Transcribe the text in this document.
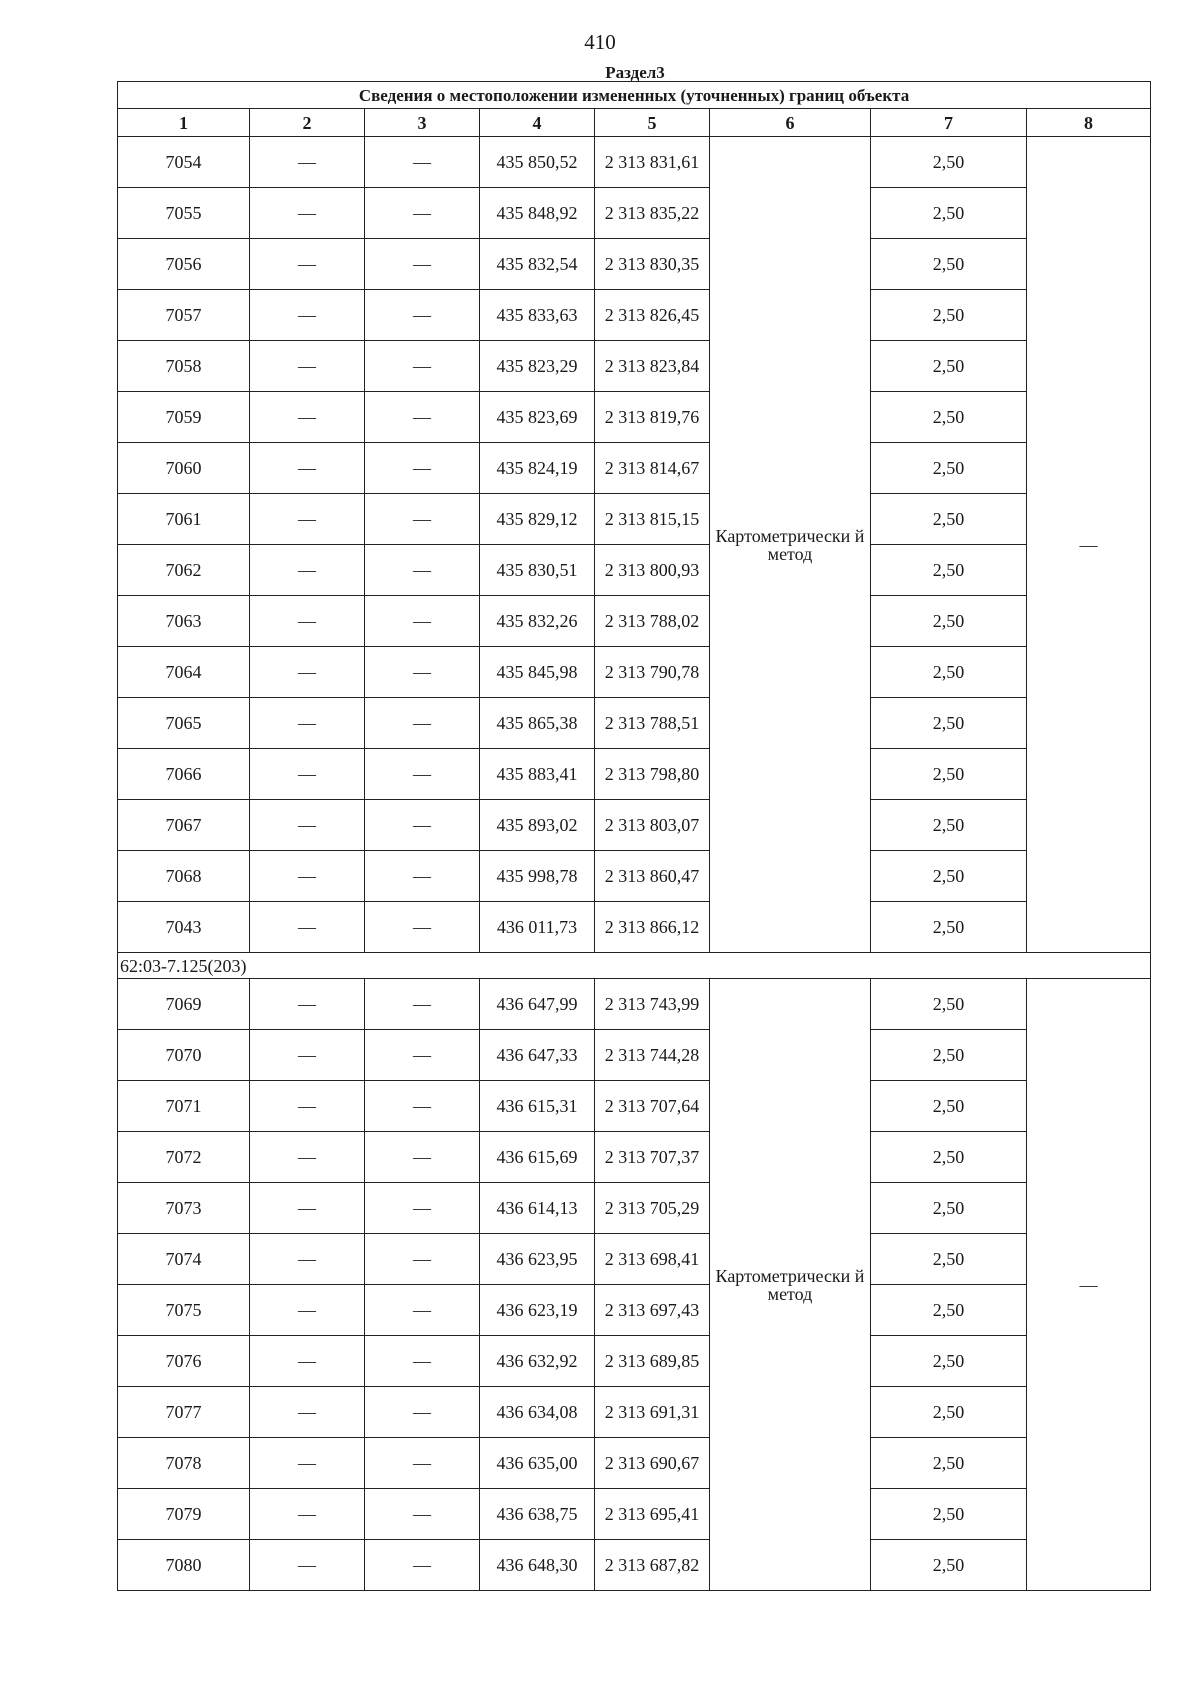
410
Раздел3
Сведения о местоположении измененных (уточненных) границ объекта							
1	2	3	4	5	6	7	8
7054	—	—	435 850,52	2 313 831,61	Картометрически й метод	2,50	—
7055	—	—	435 848,92	2 313 835,22		2,50	
7056	—	—	435 832,54	2 313 830,35		2,50	
7057	—	—	435 833,63	2 313 826,45		2,50	
7058	—	—	435 823,29	2 313 823,84		2,50	
7059	—	—	435 823,69	2 313 819,76		2,50	
7060	—	—	435 824,19	2 313 814,67		2,50	
7061	—	—	435 829,12	2 313 815,15		2,50	
7062	—	—	435 830,51	2 313 800,93		2,50	
7063	—	—	435 832,26	2 313 788,02		2,50	
7064	—	—	435 845,98	2 313 790,78		2,50	
7065	—	—	435 865,38	2 313 788,51		2,50	
7066	—	—	435 883,41	2 313 798,80		2,50	
7067	—	—	435 893,02	2 313 803,07		2,50	
7068	—	—	435 998,78	2 313 860,47		2,50	
7043	—	—	436 011,73	2 313 866,12		2,50	
62:03-7.125(203)							
7069	—	—	436 647,99	2 313 743,99	Картометрически й метод	2,50	—
7070	—	—	436 647,33	2 313 744,28		2,50	
7071	—	—	436 615,31	2 313 707,64		2,50	
7072	—	—	436 615,69	2 313 707,37		2,50	
7073	—	—	436 614,13	2 313 705,29		2,50	
7074	—	—	436 623,95	2 313 698,41		2,50	
7075	—	—	436 623,19	2 313 697,43		2,50	
7076	—	—	436 632,92	2 313 689,85		2,50	
7077	—	—	436 634,08	2 313 691,31		2,50	
7078	—	—	436 635,00	2 313 690,67		2,50	
7079	—	—	436 638,75	2 313 695,41		2,50	
7080	—	—	436 648,30	2 313 687,82		2,50	
